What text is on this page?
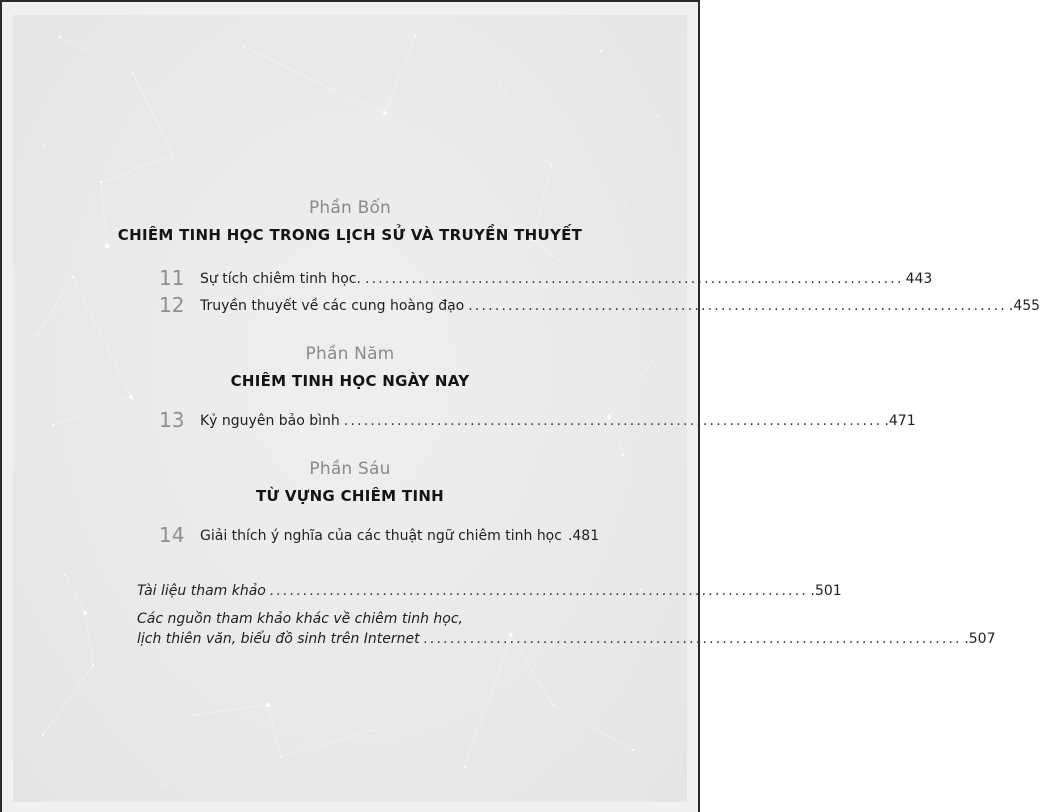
Phần Bốn
CHIÊM TINH HỌC TRONG LỊCH SỬ VÀ TRUYỀN THUYẾT
11	Sự tích chiêm tinh học. ................................................................................. 443
12	Truyền thuyết về các cung hoàng đạo ................................................................................. .455
Phần Năm
CHIÊM TINH HỌC NGÀY NAY
13	Kỷ nguyên bảo bình ................................................................................. .471
Phần Sáu
TỪ VỰNG CHIÊM TINH
14	Giải thích ý nghĩa của các thuật ngữ chiêm tinh học .481
Tài liệu tham khảo ................................................................................. .501
Các nguồn tham khảo khác về chiêm tinh học,
lịch thiên văn, biểu đồ sinh trên Internet ................................................................................. .507
